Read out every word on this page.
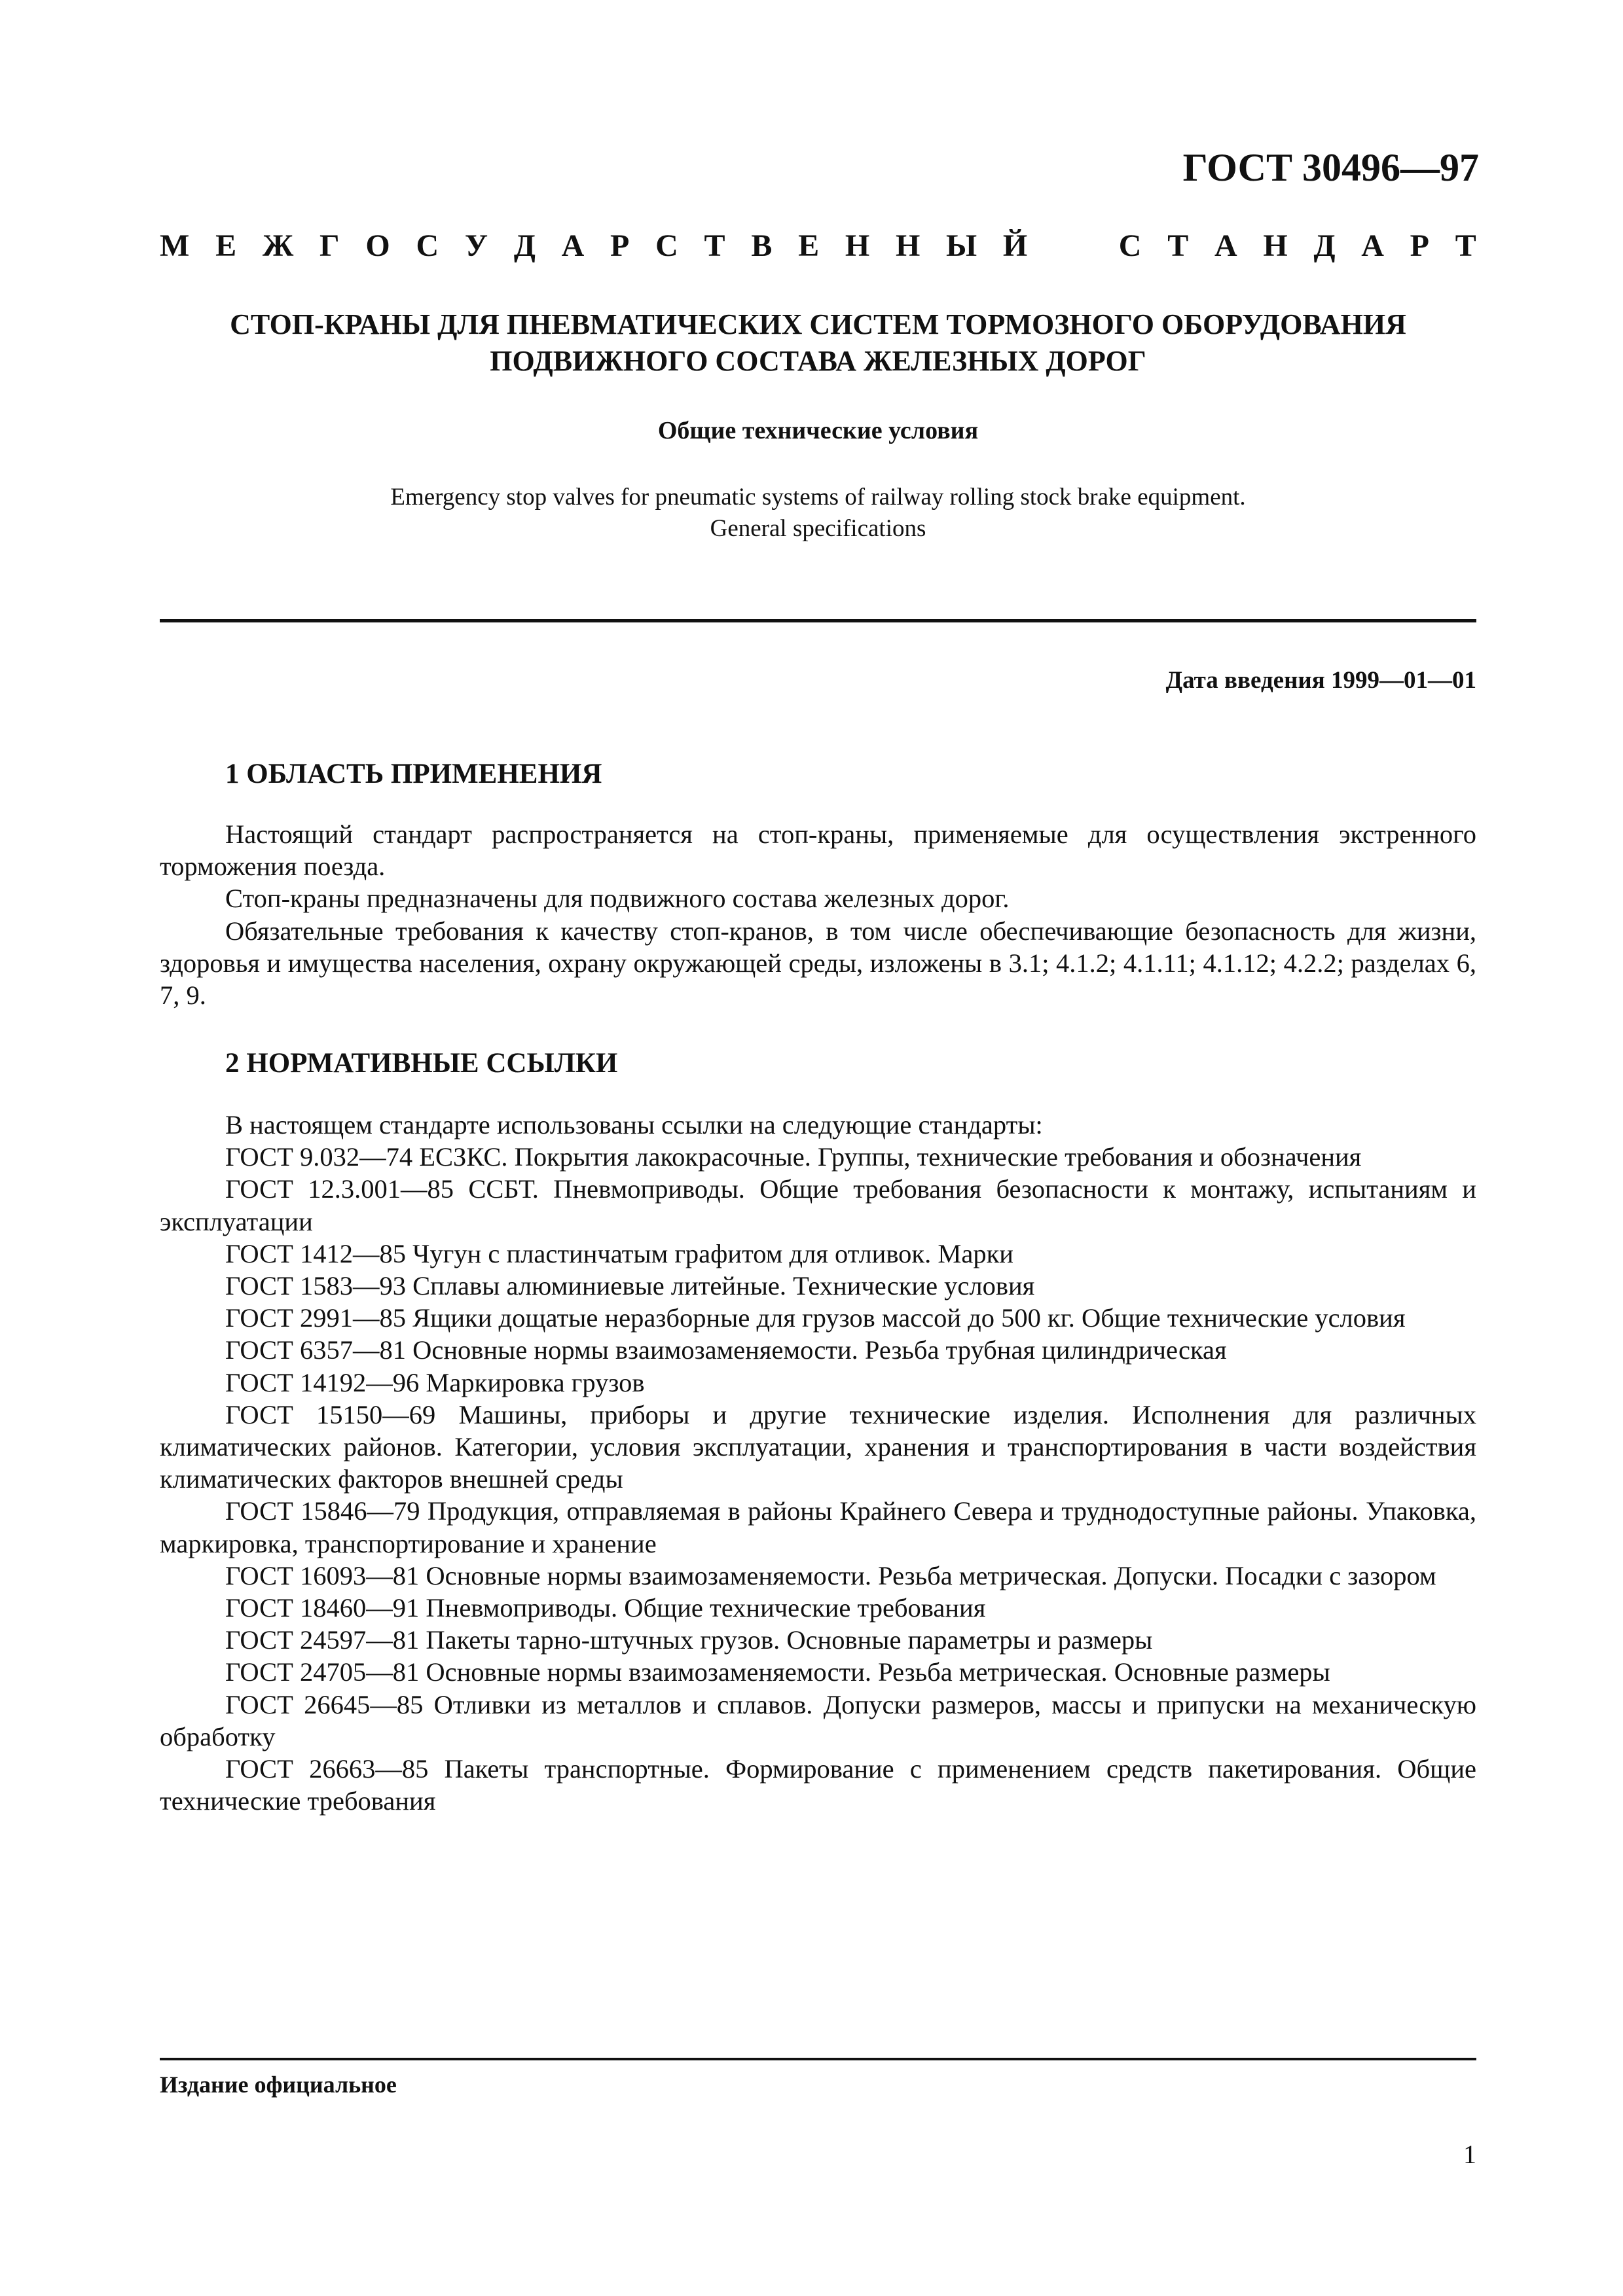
ГОСТ 30496—97
М Е Ж Г О С У Д А Р С Т В Е Н Н Ы Й	С Т А Н Д А Р Т
СТОП-КРАНЫ ДЛЯ ПНЕВМАТИЧЕСКИХ СИСТЕМ ТОРМОЗНОГО ОБОРУДОВАНИЯ
ПОДВИЖНОГО СОСТАВА ЖЕЛЕЗНЫХ ДОРОГ
Общие технические условия
Emergency stop valves for pneumatic systems of railway rolling stock brake equipment.
General specifications
Дата введения 1999—01—01
1 ОБЛАСТЬ ПРИМЕНЕНИЯ

Настоящий стандарт распространяется на стоп-краны, применяемые для осуществления экстренного торможения поезда.

Стоп-краны предназначены для подвижного состава железных дорог.

Обязательные требования к качеству стоп-кранов, в том числе обеспечивающие безопасность для жизни, здоровья и имущества населения, охрану окружающей среды, изложены в 3.1; 4.1.2; 4.1.11; 4.1.12; 4.2.2; разделах 6, 7, 9.

2 НОРМАТИВНЫЕ ССЫЛКИ

В настоящем стандарте использованы ссылки на следующие стандарты:

ГОСТ 9.032—74 ЕСЗКС. Покрытия лакокрасочные. Группы, технические требования и обозначения

ГОСТ 12.3.001—85 ССБТ. Пневмоприводы. Общие требования безопасности к монтажу, испытаниям и эксплуатации

ГОСТ 1412—85 Чугун с пластинчатым графитом для отливок. Марки

ГОСТ 1583—93 Сплавы алюминиевые литейные. Технические условия

ГОСТ 2991—85 Ящики дощатые неразборные для грузов массой до 500 кг. Общие технические условия

ГОСТ 6357—81 Основные нормы взаимозаменяемости. Резьба трубная цилиндрическая

ГОСТ 14192—96 Маркировка грузов

ГОСТ 15150—69 Машины, приборы и другие технические изделия. Исполнения для различных климатических районов. Категории, условия эксплуатации, хранения и транспортирования в части воздействия климатических факторов внешней среды

ГОСТ 15846—79 Продукция, отправляемая в районы Крайнего Севера и труднодоступные районы. Упаковка, маркировка, транспортирование и хранение

ГОСТ 16093—81 Основные нормы взаимозаменяемости. Резьба метрическая. Допуски. Посадки с зазором

ГОСТ 18460—91 Пневмоприводы. Общие технические требования

ГОСТ 24597—81 Пакеты тарно-штучных грузов. Основные параметры и размеры

ГОСТ 24705—81 Основные нормы взаимозаменяемости. Резьба метрическая. Основные размеры

ГОСТ 26645—85 Отливки из металлов и сплавов. Допуски размеров, массы и припуски на механическую обработку

ГОСТ 26663—85 Пакеты транспортные. Формирование с применением средств пакетирования. Общие технические требования

Издание официальное
1
